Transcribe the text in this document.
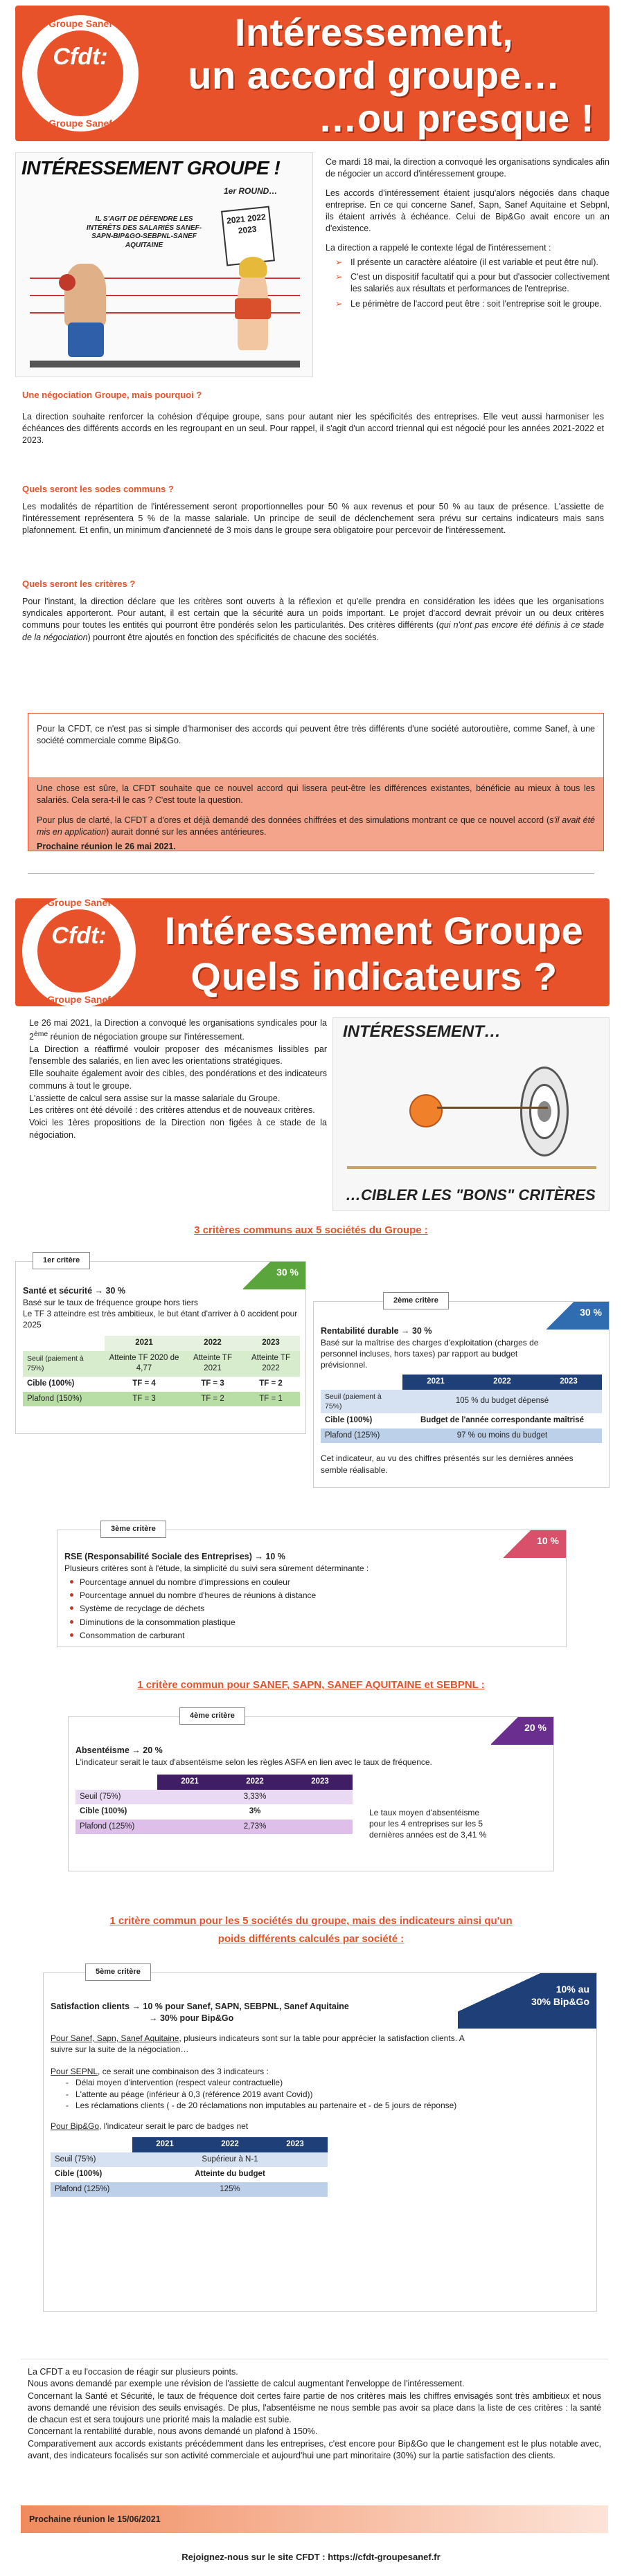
Groupe Sanef
Cfdt:
Groupe Sanef
Intéressement,
un accord groupe…
…ou presque !
INTÉRESSEMENT GROUPE !
1er ROUND…
IL S'AGIT DE DÉFENDRE LES INTÉRÊTS DES SALARIÉS SANEF-SAPN-BIP&GO-SEBPNL-SANEF AQUITAINE
2021 2022 2023

Ce mardi 18 mai, la direction a convoqué les organisations syndicales afin de négocier un accord d'intéressement groupe.

Les accords d'intéressement étaient jusqu'alors négociés dans chaque entreprise. En ce qui concerne Sanef, Sapn, Sanef Aquitaine et Sebpnl, ils étaient arrivés à échéance. Celui de Bip&Go avait encore un an d'existence.

La direction a rappelé le contexte légal de l'intéressement :

➢ Il présente un caractère aléatoire (il est variable et peut être nul).
➢ C'est un dispositif facultatif qui a pour but d'associer collectivement les salariés aux résultats et performances de l'entreprise.
➢ Le périmètre de l'accord peut être : soit l'entreprise soit le groupe.
Une négociation Groupe, mais pourquoi ?

La direction souhaite renforcer la cohésion d'équipe groupe, sans pour autant nier les spécificités des entreprises. Elle veut aussi harmoniser les échéances des différents accords en les regroupant en un seul. Pour rappel, il s'agit d'un accord triennal qui est négocié pour les années 2021-2022 et 2023.

Quels seront les sodes communs ?

Les modalités de répartition de l'intéressement seront proportionnelles pour 50 % aux revenus et pour 50 % au taux de présence. L'assiette de l'intéressement représentera 5 % de la masse salariale. Un principe de seuil de déclenchement sera prévu sur certains indicateurs mais sans plafonnement. Et enfin, un minimum d'ancienneté de 3 mois dans le groupe sera obligatoire pour percevoir de l'intéressement.

Quels seront les critères ?

Pour l'instant, la direction déclare que les critères sont ouverts à la réflexion et qu'elle prendra en considération les idées que les organisations syndicales apporteront. Pour autant, il est certain que la sécurité aura un poids important. Le projet d'accord devrait prévoir un ou deux critères communs pour toutes les entités qui pourront être pondérés selon les particularités. Des critères différents (qui n'ont pas encore été définis à ce stade de la négociation) pourront être ajoutés en fonction des spécificités de chacune des sociétés.

Pour la CFDT, ce n'est pas si simple d'harmoniser des accords qui peuvent être très différents d'une société autoroutière, comme Sanef, à une société commerciale comme Bip&Go.
Une chose est sûre, la CFDT souhaite que ce nouvel accord qui lissera peut-être les différences existantes, bénéficie au mieux à tous les salariés. Cela sera-t-il le cas ? C'est toute la question.
Pour plus de clarté, la CFDT a d'ores et déjà demandé des données chiffrées et des simulations montrant ce que ce nouvel accord (s'il avait été mis en application) aurait donné sur les années antérieures.
Prochaine réunion le 26 mai 2021.
Groupe Sanef
Cfdt:
Groupe Sanef
Intéressement Groupe
Quels indicateurs ?

Le 26 mai 2021, la Direction a convoqué les organisations syndicales pour la 2ème réunion de négociation groupe sur l'intéressement.

La Direction a réaffirmé vouloir proposer des mécanismes lissibles par l'ensemble des salariés, en lien avec les orientations stratégiques.

Elle souhaite également avoir des cibles, des pondérations et des indicateurs communs à tout le groupe.

L'assiette de calcul sera assise sur la masse salariale du Groupe.

Les critères ont été dévoilé : des critères attendus et de nouveaux critères.

Voici les 1ères propositions de la Direction non figées à ce stade de la négociation.

INTÉRESSEMENT…
…CIBLER LES "BONS" CRITÈRES
3 critères communs aux 5 sociétés du Groupe :
1er critère
30 %
Santé et sécurité → 30 %
Basé sur le taux de fréquence groupe hors tiers
Le TF 3 atteindre est très ambitieux, le but étant d'arriver à 0 accident pour 2025
	2021	2022	2023
Seuil (paiement à 75%)	Atteinte TF 2020 de 4,77	Atteinte TF 2021	Atteinte TF 2022
Cible (100%)	TF = 4	TF = 3	TF = 2
Plafond (150%)	TF = 3	TF = 2	TF = 1
2ème critère
30 %
Rentabilité durable → 30 %
Basé sur la maîtrise des charges d'exploitation (charges de personnel incluses, hors taxes) par rapport au budget prévisionnel.
	2021	2022	2023
Seuil (paiement à 75%)	105 % du budget dépensé		
Cible (100%)	Budget de l'année correspondante maîtrisé		
Plafond (125%)	97 % ou moins du budget		
Cet indicateur, au vu des chiffres présentés sur les dernières années semble réalisable.
3ème critère
10 %
RSE (Responsabilité Sociale des Entreprises) → 10 %
Plusieurs critères sont à l'étude, la simplicité du suivi sera sûrement déterminante :
Pourcentage annuel du nombre d'impressions en couleur
Pourcentage annuel du nombre d'heures de réunions à distance
Système de recyclage de déchets
Diminutions de la consommation plastique
Consommation de carburant
1 critère commun pour SANEF, SAPN, SANEF AQUITAINE et SEBPNL :
4ème critère
20 %
Absentéisme → 20 %
L'indicateur serait le taux d'absentéisme selon les règles ASFA en lien avec le taux de fréquence.
	2021	2022	2023
Seuil (75%)	3,33%		
Cible (100%)	3%		
Plafond (125%)	2,73%		
Le taux moyen d'absentéisme pour les 4 entreprises sur les 5 dernières années est de 3,41 %
1 critère commun pour les 5 sociétés du groupe, mais des indicateurs ainsi qu'un
poids différents calculés par société :
5ème critère
10% au
30% Bip&Go
Satisfaction clients → 10 % pour Sanef, SAPN, SEBPNL, Sanef Aquitaine
→ 30% pour Bip&Go
Pour Sanef, Sapn, Sanef Aquitaine, plusieurs indicateurs sont sur la table pour apprécier la satisfaction clients. A suivre sur la suite de la négociation…
Pour SEPNL, ce serait une combinaison des 3 indicateurs :
- Délai moyen d'intervention (respect valeur contractuelle)
- L'attente au péage (inférieur à 0,3 (référence 2019 avant Covid))
- Les réclamations clients ( - de 20 réclamations non imputables au partenaire et - de 5 jours de réponse)
Pour Bip&Go, l'indicateur serait le parc de badges net
	2021	2022	2023
Seuil (75%)	Supérieur à N-1		
Cible (100%)	Atteinte du budget		
Plafond (125%)	125%		
La CFDT a eu l'occasion de réagir sur plusieurs points.
Nous avons demandé par exemple une révision de l'assiette de calcul augmentant l'enveloppe de l'intéressement.
Concernant la Santé et Sécurité, le taux de fréquence doit certes faire partie de nos critères mais les chiffres envisagés sont très ambitieux et nous avons demandé une révision des seuils envisagés. De plus, l'absentéisme ne nous semble pas avoir sa place dans la liste de ces critères : la santé de chacun est et sera toujours une priorité mais la maladie est subie.
Concernant la rentabilité durable, nous avons demandé un plafond à 150%.
Comparativement aux accords existants précédemment dans les entreprises, c'est encore pour Bip&Go que le changement est le plus notable avec, avant, des indicateurs focalisés sur son activité commerciale et aujourd'hui une part minoritaire (30%) sur la partie satisfaction des clients.
Prochaine réunion le 15/06/2021
Rejoignez-nous sur le site CFDT : https://cfdt-groupesanef.fr
